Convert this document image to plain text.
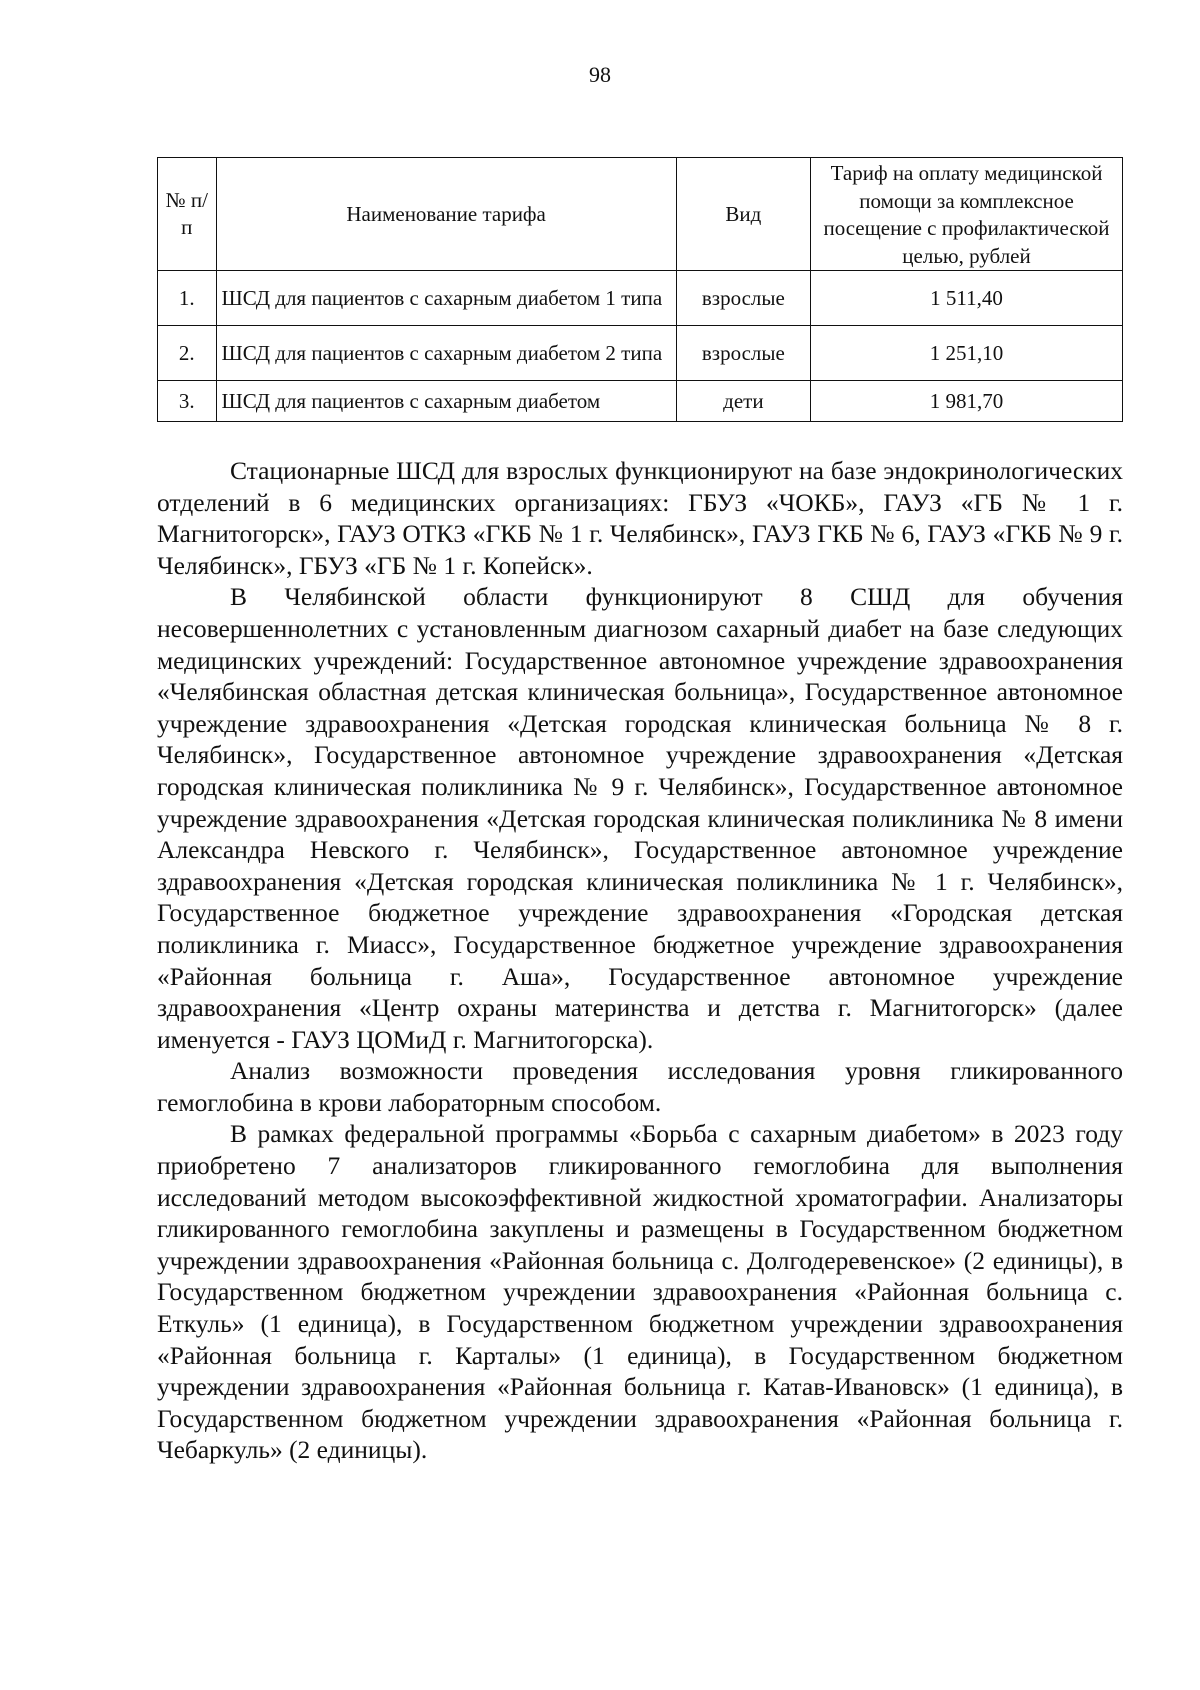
98
№ п/п	Наименование тарифа	Вид	Тариф на оплату медицинской помощи за комплексное посещение с профилактической целью, рублей
1.	ШСД для пациентов с сахарным диабетом 1 типа	взрослые	1 511,40
2.	ШСД для пациентов с сахарным диабетом 2 типа	взрослые	1 251,10
3.	ШСД для пациентов с сахарным диабетом	дети	1 981,70

Стационарные ШСД для взрослых функционируют на базе эндокринологических отделений в 6 медицинских организациях: ГБУЗ «ЧОКБ», ГАУЗ «ГБ № 1 г. Магнитогорск», ГАУЗ ОТКЗ «ГКБ № 1 г. Челябинск», ГАУЗ ГКБ № 6, ГАУЗ «ГКБ № 9 г. Челябинск», ГБУЗ «ГБ № 1 г. Копейск».

В Челябинской области функционируют 8 СШД для обучения несовершеннолетних с установленным диагнозом сахарный диабет на базе следующих медицинских учреждений: Государственное автономное учреждение здравоохранения «Челябинская областная детская клиническая больница», Государственное автономное учреждение здравоохранения «Детская городская клиническая больница № 8 г. Челябинск», Государственное автономное учреждение здравоохранения «Детская городская клиническая поликлиника № 9 г. Челябинск», Государственное автономное учреждение здравоохранения «Детская городская клиническая поликлиника № 8 имени Александра Невского г. Челябинск», Государственное автономное учреждение здравоохранения «Детская городская клиническая поликлиника № 1 г. Челябинск», Государственное бюджетное учреждение здравоохранения «Городская детская поликлиника г. Миасс», Государственное бюджетное учреждение здравоохранения «Районная больница г. Аша», Государственное автономное учреждение здравоохранения «Центр охраны материнства и детства г. Магнитогорск» (далее именуется - ГАУЗ ЦОМиД г. Магнитогорска).

Анализ возможности проведения исследования уровня гликированного гемоглобина в крови лабораторным способом.

В рамках федеральной программы «Борьба с сахарным диабетом» в 2023 году приобретено 7 анализаторов гликированного гемоглобина для выполнения исследований методом высокоэффективной жидкостной хроматографии. Анализаторы гликированного гемоглобина закуплены и размещены в Государственном бюджетном учреждении здравоохранения «Районная больница с. Долгодеревенское» (2 единицы), в Государственном бюджетном учреждении здравоохранения «Районная больница с. Еткуль» (1 единица), в Государственном бюджетном учреждении здравоохранения «Районная больница г. Карталы» (1 единица), в Государственном бюджетном учреждении здравоохранения «Районная больница г. Катав-Ивановск» (1 единица), в Государственном бюджетном учреждении здравоохранения «Районная больница г. Чебаркуль» (2 единицы).
